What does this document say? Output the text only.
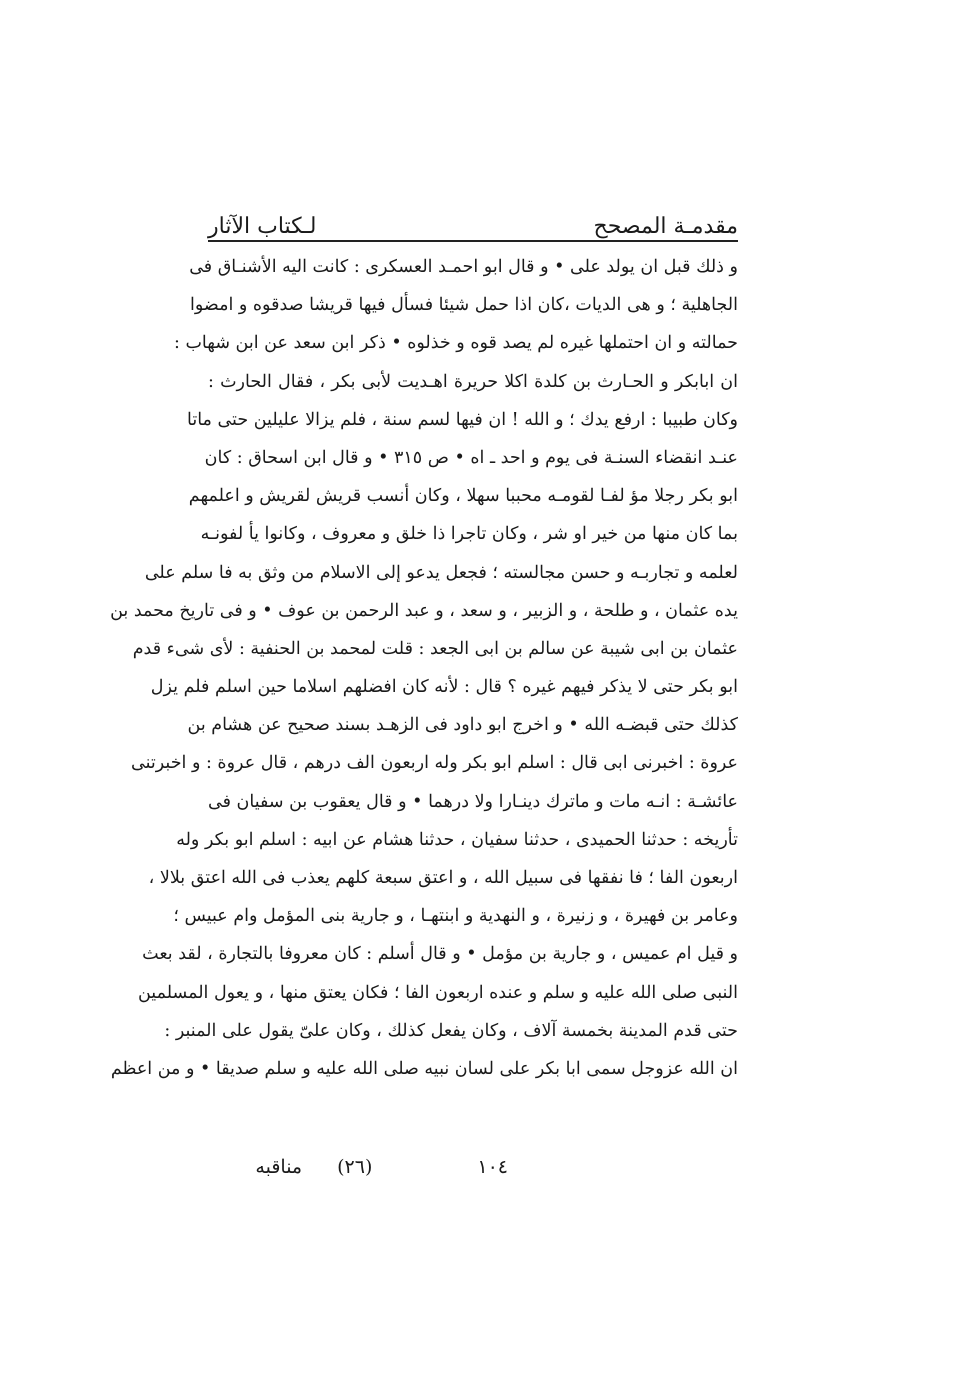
مقدمـة المصحح
لـكتاب الآثار
و ذلك قبل ان يولد على • و قال ابو احمـد العسكرى : كانت اليه الأشنـاق فى
الجاهلية ؛ و هى الديات ،كان اذا حمل شيئا فسأل فيها قريشا صدقوه و امضوا
حمالته و ان احتملها غيره لم يصد قوه و خذلوه • ذكر ابن سعد عن ابن شهاب :
ان ابابكر و الحـارث بن كلدة اكلا حريرة اهـديت لأبى بكر ، فقال الحارث :
وكان طبيبا : ارفع يدك ؛ و الله ! ان فيها لسم سنة ، فلم يزالا عليلين حتى ماتا
عنـد انقضاء السنـة فى يوم و احد ـ اه • ص ٣١٥ • و قال ابن اسحاق : كان
ابو بكر رجلا مؤ لفـا لقومـه محببا سهلا ، وكان أنسب قريش لقريش و اعلمهم
بما كان منها من خير او شر ، وكان تاجرا ذا خلق و معروف ، وكانوا يأ لفونـه
لعلمه و تجاربـه و حسن مجالسته ؛ فجعل يدعو إلى الاسلام من وثق به فا سلم على
يده عثمان ، و طلحة ، و الزبير ، و سعد ، و عبد الرحمن بن عوف • و فى تاريخ محمد بن
عثمان بن ابى شيبة عن سالم بن ابى الجعد : قلت لمحمد بن الحنفية : لأى شىء قدم
ابو بكر حتى لا يذكر فيهم غيره ؟ قال : لأنه كان افضلهم اسلاما حين اسلم فلم يزل
كذلك حتى قبضـه الله • و اخرج ابو داود فى الزهـد بسند صحيح عن هشام بن
عروة : اخبرنى ابى قال : اسلم ابو بكر وله اربعون الف درهم ، قال عروة : و اخبرتنى
عائشـة : انـه مات و ماترك دينـارا ولا درهما • و قال يعقوب بن سفيان فى
تأريخه : حدثنا الحميدى ، حدثنا سفيان ، حدثنا هشام عن ابيه : اسلم ابو بكر وله
اربعون الفا ؛ فا نفقها فى سبيل الله ، و اعتق سبعة كلهم يعذب فى الله اعتق بلالا ،
وعامر بن فهيرة ، و زنيرة ، و النهدية و ابنتهـا ، و جارية بنى المؤمل وام عبيس ؛
و قيل ام عميس ، و جارية بن مؤمل • و قال أسلم : كان معروفا بالتجارة ، لقد بعث
النبى صلى الله عليه و سلم و عنده اربعون الفا ؛ فكان يعتق منها ، و يعول المسلمين
حتى قدم المدينة بخمسة آلاف ، وكان يفعل كذلك ، وكان علىّ يقول على المنبر :
ان الله عزوجل سمى ابا بكر على لسان نبيه صلى الله عليه و سلم صديقا • و من اعظم
١٠٤
(٢٦)
مناقبه
